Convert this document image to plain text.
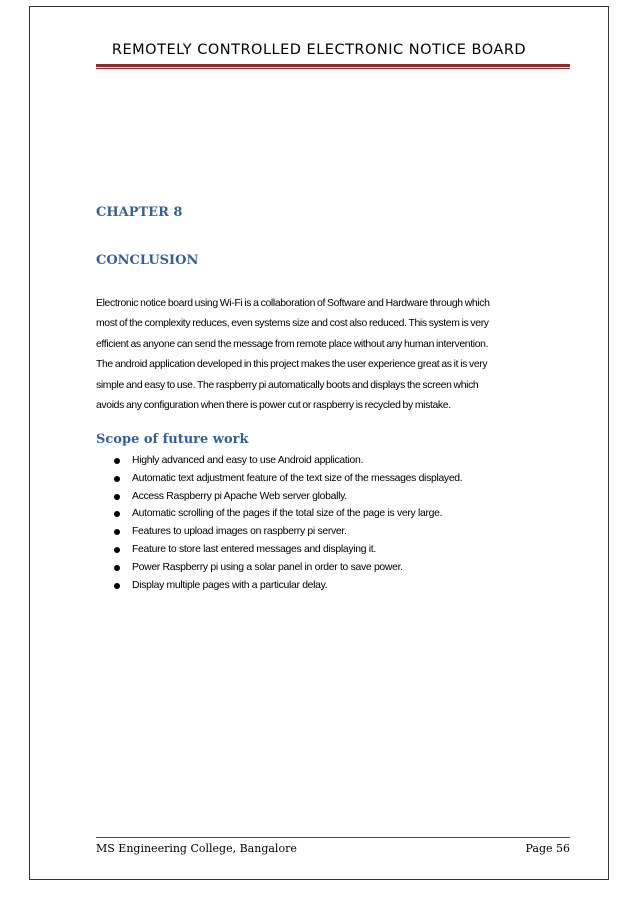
REMOTELY CONTROLLED ELECTRONIC NOTICE BOARD
CHAPTER 8
CONCLUSION

Electronic notice board using Wi-Fi is a collaboration of Software and Hardware through which
most of the complexity reduces, even systems size and cost also reduced. This system is very
efficient as anyone can send the message from remote place without any human intervention.
The android application developed in this project makes the user experience great as it is very
simple and easy to use. The raspberry pi automatically boots and displays the screen which
avoids any configuration when there is power cut or raspberry is recycled by mistake.

Scope of future work
Highly advanced and easy to use Android application.
Automatic text adjustment feature of the text size of the messages displayed.
Access Raspberry pi Apache Web server globally.
Automatic scrolling of the pages if the total size of the page is very large.
Features to upload images on raspberry pi server.
Feature to store last entered messages and displaying it.
Power Raspberry pi using a solar panel in order to save power.
Display multiple pages with a particular delay.
MS Engineering College, Bangalore	Page 56
